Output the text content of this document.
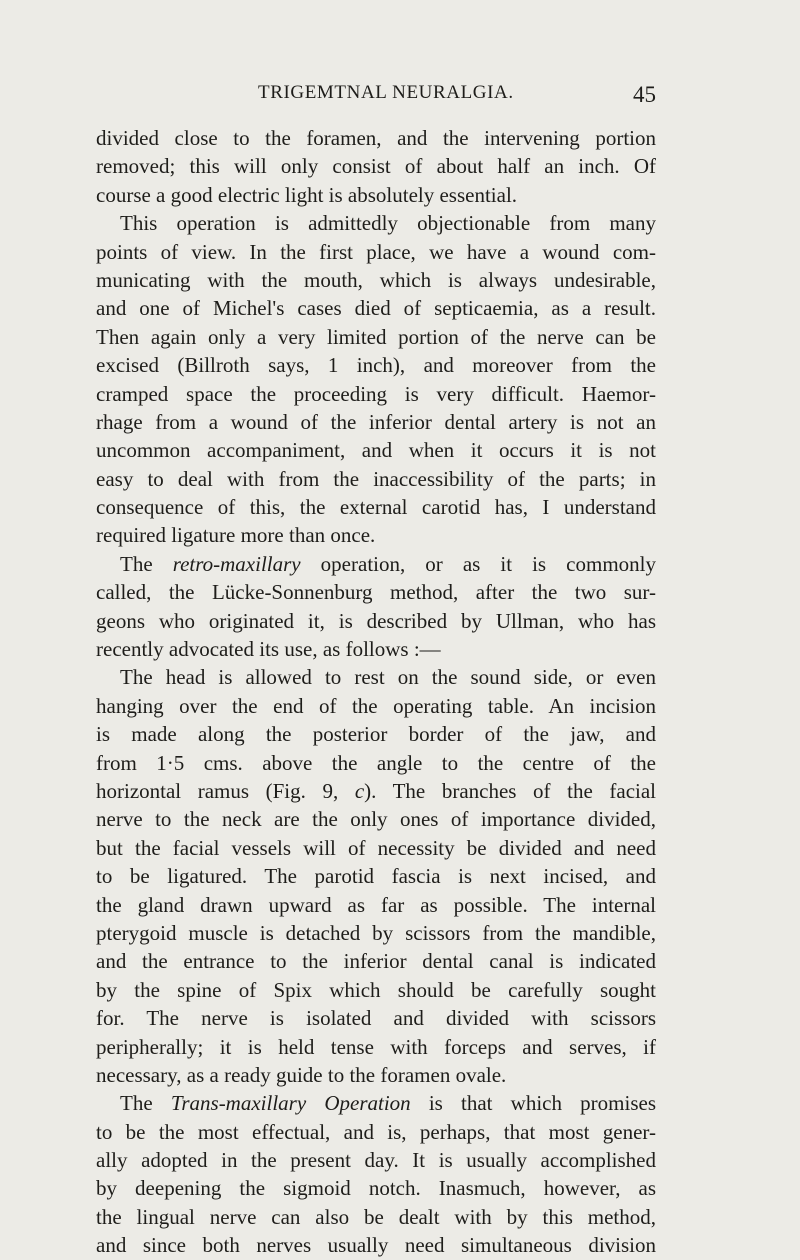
TRIGEMTNAL NEURALGIA.	45
divided close to the foramen, and the intervening portion
removed; this will only consist of about half an inch. Of
course a good electric light is absolutely essential.
This operation is admittedly objectionable from many
points of view. In the first place, we have a wound com-
municating with the mouth, which is always undesirable,
and one of Michel's cases died of septicaemia, as a result.
Then again only a very limited portion of the nerve can be
excised (Billroth says, 1 inch), and moreover from the
cramped space the proceeding is very difficult. Haemor-
rhage from a wound of the inferior dental artery is not an
uncommon accompaniment, and when it occurs it is not
easy to deal with from the inaccessibility of the parts; in
consequence of this, the external carotid has, I understand
required ligature more than once.
The retro-maxillary operation, or as it is commonly
called, the Lücke-Sonnenburg method, after the two sur-
geons who originated it, is described by Ullman, who has
recently advocated its use, as follows :—
The head is allowed to rest on the sound side, or even
hanging over the end of the operating table. An incision
is made along the posterior border of the jaw, and
from 1·5 cms. above the angle to the centre of the
horizontal ramus (Fig. 9, c). The branches of the facial
nerve to the neck are the only ones of importance divided,
but the facial vessels will of necessity be divided and need
to be ligatured. The parotid fascia is next incised, and
the gland drawn upward as far as possible. The internal
pterygoid muscle is detached by scissors from the mandible,
and the entrance to the inferior dental canal is indicated
by the spine of Spix which should be carefully sought
for. The nerve is isolated and divided with scissors
peripherally; it is held tense with forceps and serves, if
necessary, as a ready guide to the foramen ovale.
The Trans-maxillary Operation is that which promises
to be the most effectual, and is, perhaps, that most gener-
ally adopted in the present day. It is usually accomplished
by deepening the sigmoid notch. Inasmuch, however, as
the lingual nerve can also be dealt with by this method,
and since both nerves usually need simultaneous division
